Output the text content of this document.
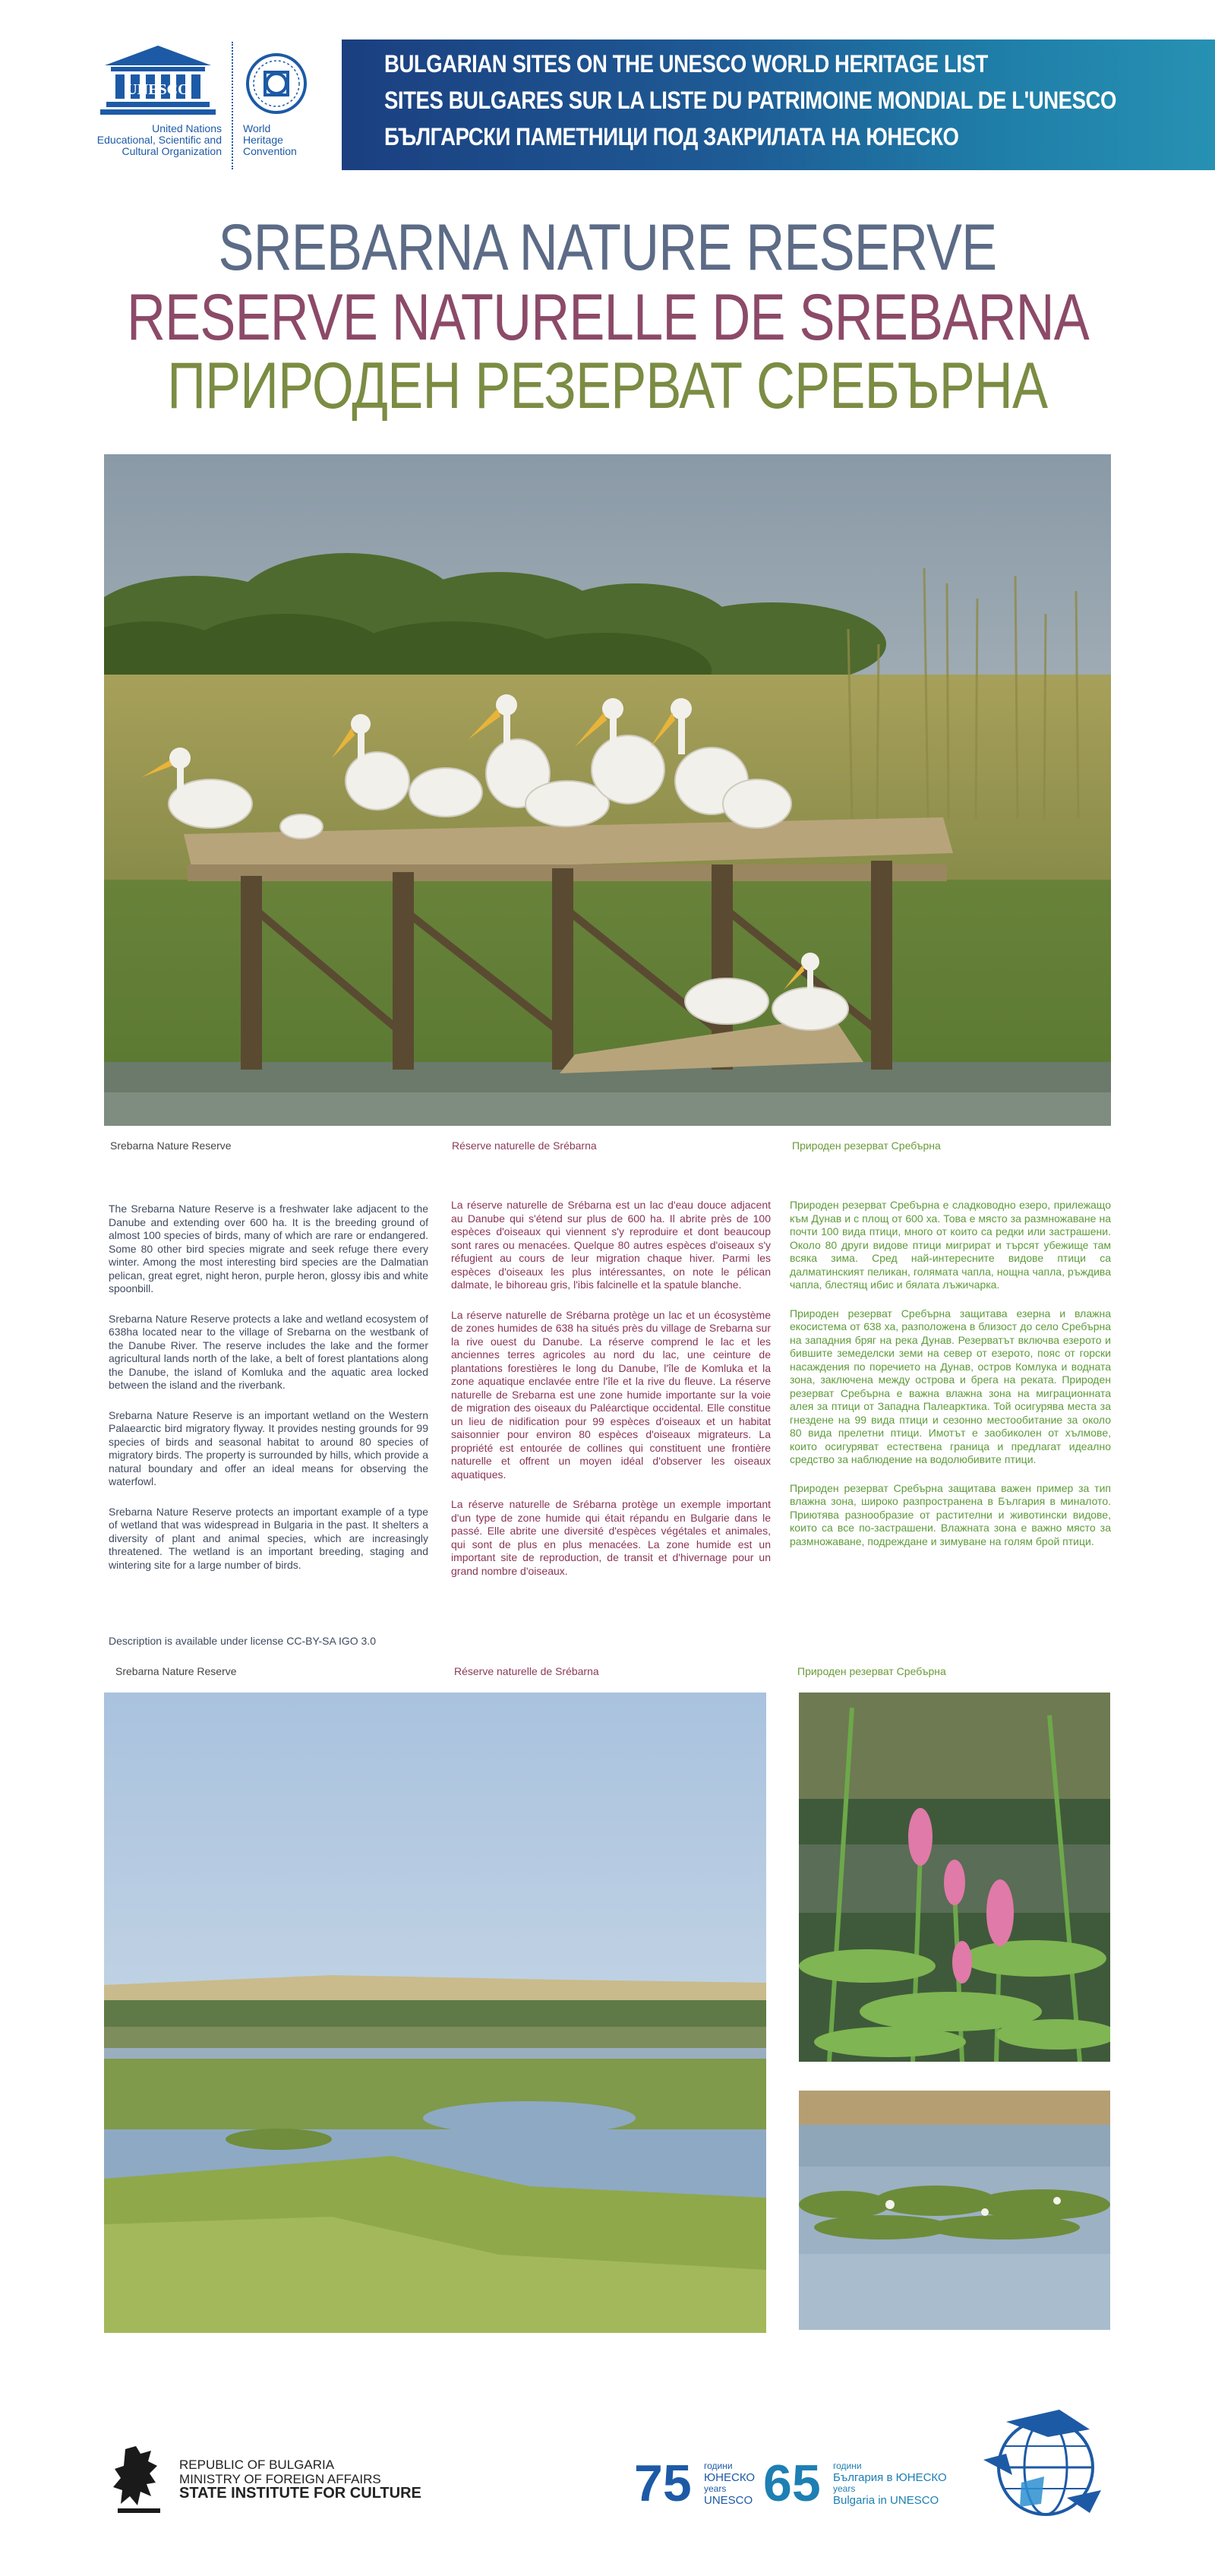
UNESCO
United Nations
Educational, Scientific and
Cultural Organization
World
Heritage
Convention
BULGARIAN SITES ON THE UNESCO WORLD HERITAGE LIST
SITES BULGARES SUR LA LISTE DU PATRIMOINE MONDIAL DE L'UNESCO
БЪЛГАРСКИ ПАМЕТНИЦИ ПОД ЗАКРИЛАТА НА ЮНЕСКО
SREBARNA NATURE RESERVE
RESERVE NATURELLE DE SREBARNA
ПРИРОДЕН РЕЗЕРВАТ СРЕБЪРНА
Srebarna Nature Reserve	Réserve naturelle de Srébarna	Природен резерват Сребърна

The Srebarna Nature Reserve is a freshwater lake adjacent to the Danube and extending over 600 ha. It is the breeding ground of almost 100 species of birds, many of which are rare or endangered. Some 80 other bird species migrate and seek refuge there every winter. Among the most interesting bird species are the Dalmatian pelican, great egret, night heron, purple heron, glossy ibis and white spoonbill.

Srebarna Nature Reserve protects a lake and wetland ecosystem of 638ha located near to the village of Srebarna on the westbank of the Danube River. The reserve includes the lake and the former agricultural lands north of the lake, a belt of forest plantations along the Danube, the island of Komluka and the aquatic area locked between the island and the riverbank.

Srebarna Nature Reserve is an important wetland on the Western Palaearctic bird migratory flyway. It provides nesting grounds for 99 species of birds and seasonal habitat to around 80 species of migratory birds. The property is surrounded by hills, which provide a natural boundary and offer an ideal means for observing the waterfowl.

Srebarna Nature Reserve protects an important example of a type of wetland that was widespread in Bulgaria in the past. It shelters a diversity of plant and animal species, which are increasingly threatened. The wetland is an important breeding, staging and wintering site for a large number of birds.

La réserve naturelle de Srébarna est un lac d'eau douce adjacent au Danube qui s'étend sur plus de 600 ha. Il abrite près de 100 espèces d'oiseaux qui viennent s'y reproduire et dont beaucoup sont rares ou menacées. Quelque 80 autres espèces d'oiseaux s'y réfugient au cours de leur migration chaque hiver. Parmi les espèces d'oiseaux les plus intéressantes, on note le pélican dalmate, le bihoreau gris, l'ibis falcinelle et la spatule blanche.

La réserve naturelle de Srébarna protège un lac et un écosystème de zones humides de 638 ha situés près du village de Srebarna sur la rive ouest du Danube. La réserve comprend le lac et les anciennes terres agricoles au nord du lac, une ceinture de plantations forestières le long du Danube, l'île de Komluka et la zone aquatique enclavée entre l'île et la rive du fleuve. La réserve naturelle de Srebarna est une zone humide importante sur la voie de migration des oiseaux du Paléarctique occidental. Elle constitue un lieu de nidification pour 99 espèces d'oiseaux et un habitat saisonnier pour environ 80 espèces d'oiseaux migrateurs. La propriété est entourée de collines qui constituent une frontière naturelle et offrent un moyen idéal d'observer les oiseaux aquatiques.

La réserve naturelle de Srébarna protège un exemple important d'un type de zone humide qui était répandu en Bulgarie dans le passé. Elle abrite une diversité d'espèces végétales et animales, qui sont de plus en plus menacées. La zone humide est un important site de reproduction, de transit et d'hivernage pour un grand nombre d'oiseaux.

Природен резерват Сребърна е сладководно езеро, прилежащо към Дунав и с площ от 600 ха. Това е място за размножаване на почти 100 вида птици, много от които са редки или застрашени. Около 80 други видове птици мигрират и търсят убежище там всяка зима. Сред най-интересните видове птици са далматинският пеликан, голямата чапла, нощна чапла, ръждива чапла, блестящ ибис и бялата лъжичарка.

Природен резерват Сребърна защитава езерна и влажна екосистема от 638 ха, разположена в близост до село Сребърна на западния бряг на река Дунав. Резерватът включва езерото и бившите земеделски земи на север от езерото, пояс от горски насаждения по поречието на Дунав, остров Комлука и водната зона, заключена между острова и брега на реката. Природен резерват Сребърна е важна влажна зона на миграционната алея за птици от Западна Палеарктика. Той осигурява места за гнездене на 99 вида птици и сезонно местообитание за около 80 вида прелетни птици. Имотът е заобиколен от хълмове, които осигуряват естествена граница и предлагат идеално средство за наблюдение на водолюбивите птици.

Природен резерват Сребърна защитава важен пример за тип влажна зона, широко разпространена в България в миналото. Приютява разнообразие от растителни и животински видове, които са все по-застрашени. Влажната зона е важно място за размножаване, подреждане и зимуване на голям брой птици.

Description is available under license CC-BY-SA IGO 3.0
Srebarna Nature Reserve	Réserve naturelle de Srébarna	Природен резерват Сребърна
REPUBLIC OF BULGARIA
MINISTRY OF FOREIGN AFFAIRS
STATE INSTITUTE FOR CULTURE	75 години
ЮНЕСКО
years
UNESCO 65 години
България в ЮНЕСКО
years
Bulgaria in UNESCO
